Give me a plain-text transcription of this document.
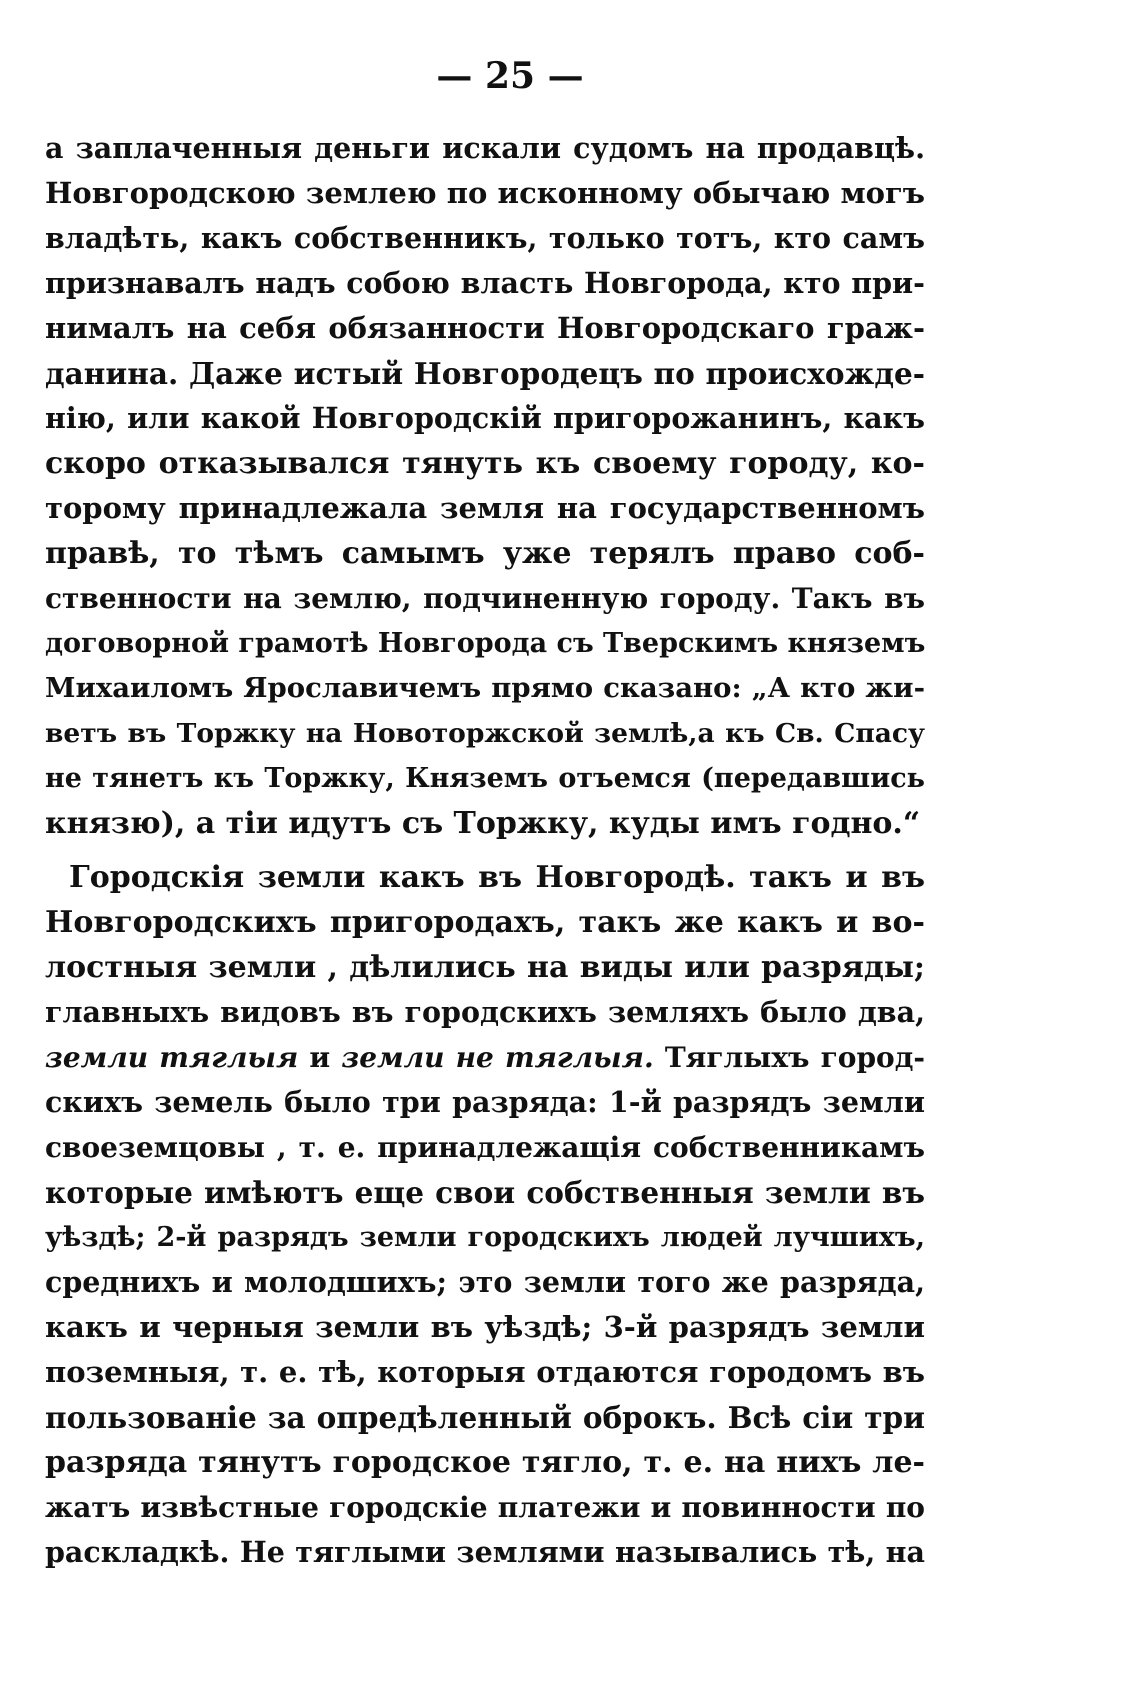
— 25 —

а заплаченныя деньги искали судомъ на продавцѣ.
Новгородскою землею по исконному обычаю могъ
владѣть, какъ собственникъ, только тотъ, кто самъ
признавалъ надъ собою власть Новгорода, кто при-
нималъ на себя обязанности Новгородскаго граж-
данина. Даже истый Новгородецъ по происхожде-
нію, или какой Новгородскій пригорожанинъ, какъ
скоро отказывался тянуть къ своему городу, ко-
торому принадлежала земля на государственномъ
правѣ, то тѣмъ самымъ уже терялъ право соб-
ственности на землю, подчиненную городу. Такъ въ
договорной грамотѣ Новгорода съ Тверскимъ княземъ
Михаиломъ Ярославичемъ прямо сказано: „А кто жи-
ветъ въ Торжку на Новоторжской землѣ,а къ Св. Спасу
не тянетъ къ Торжку, Княземъ отъемся (передавшись
князю), а тіи идутъ съ Торжку, куды имъ годно.“
Городскія земли какъ въ Новгородѣ. такъ и въ
Новгородскихъ пригородахъ, такъ же какъ и во-
лостныя земли , дѣлились на виды или разряды;
главныхъ видовъ въ городскихъ земляхъ было два,
земли тяглыя и земли не тяглыя. Тяглыхъ город-
скихъ земель было три разряда: 1-й разрядъ земли
своеземцовы , т. е. принадлежащія собственникамъ
которые имѣютъ еще свои собственныя земли въ
уѣздѣ; 2-й разрядъ земли городскихъ людей лучшихъ,
среднихъ и молодшихъ; это земли того же разряда,
какъ и черныя земли въ уѣздѣ; 3-й разрядъ земли
поземныя, т. е. тѣ, которыя отдаются городомъ въ
пользованіе за опредѣленный оброкъ. Всѣ сіи три
разряда тянутъ городское тягло, т. е. на нихъ ле-
жатъ извѣстные городскіе платежи и повинности по
раскладкѣ. Не тяглыми землями назывались тѣ, на
